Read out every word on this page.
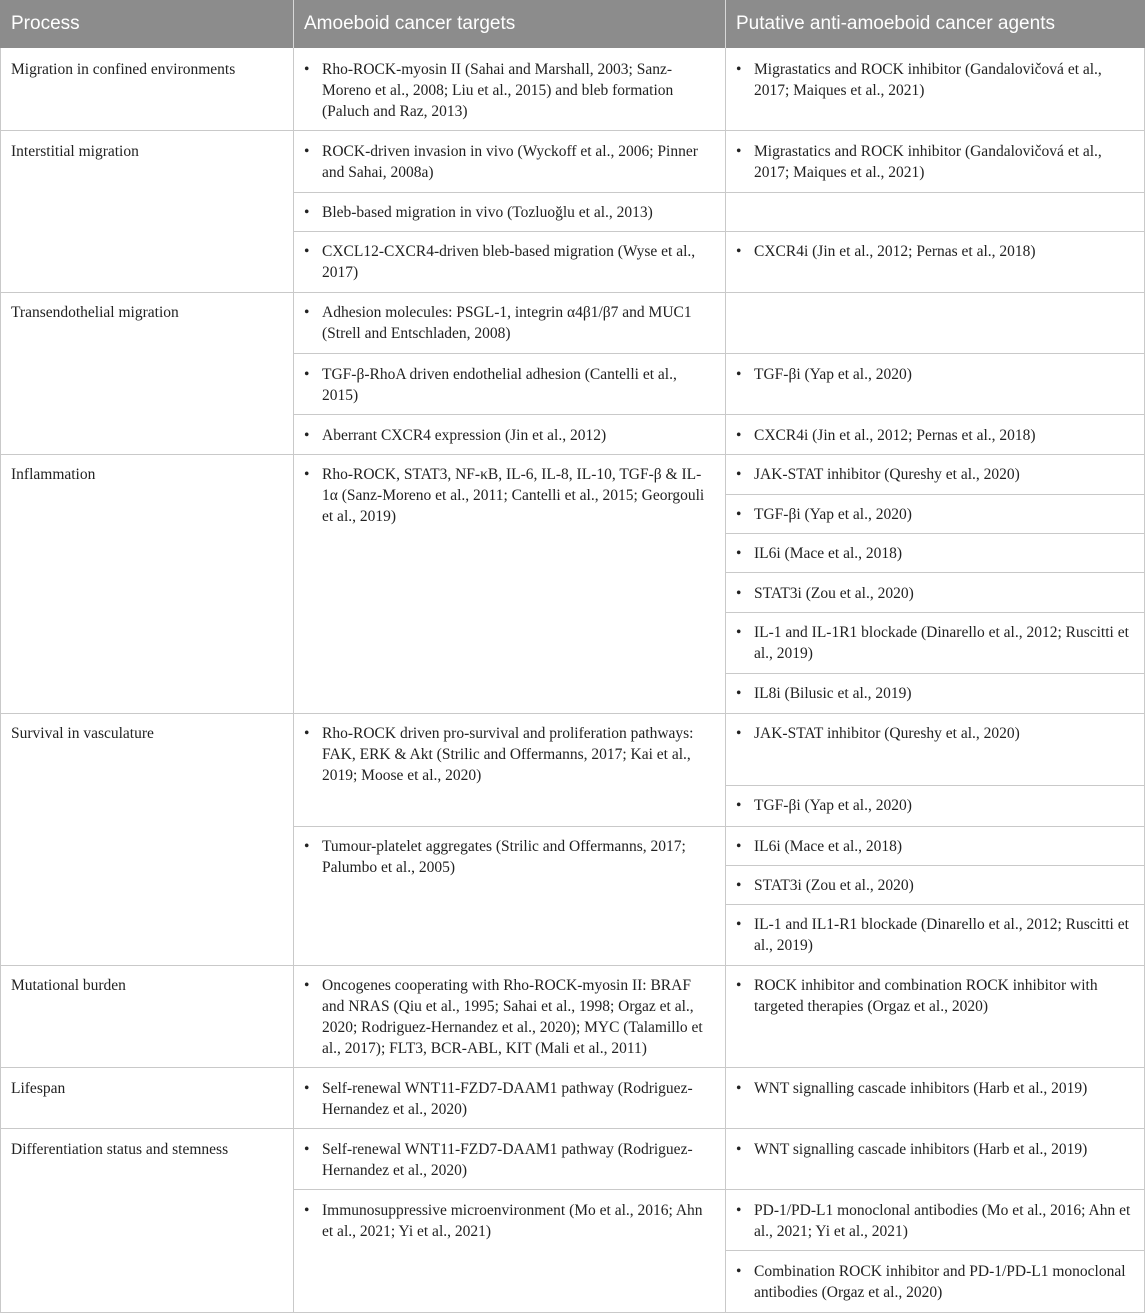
Process	Amoeboid cancer targets	Putative anti-amoeboid cancer agents
Migration in confined environments
Interstitial migration
Transendothelial migration
Inflammation
Survival in vasculature
Mutational burden
Lifespan
Differentiation status and stemness
• Rho-ROCK-myosin II (Sahai and Marshall, 2003; Sanz-Moreno et al., 2008; Liu et al., 2015) and bleb formation (Paluch and Raz, 2013)
• ROCK-driven invasion in vivo (Wyckoff et al., 2006; Pinner and Sahai, 2008a)
• Bleb-based migration in vivo (Tozluoğlu et al., 2013)
• CXCL12-CXCR4-driven bleb-based migration (Wyse et al., 2017)
• Adhesion molecules: PSGL-1, integrin α4β1/β7 and MUC1 (Strell and Entschladen, 2008)
• TGF-β-RhoA driven endothelial adhesion (Cantelli et al., 2015)
• Aberrant CXCR4 expression (Jin et al., 2012)
• Rho-ROCK, STAT3, NF-κB, IL-6, IL-8, IL-10, TGF-β & IL-1α (Sanz-Moreno et al., 2011; Cantelli et al., 2015; Georgouli et al., 2019)
• Rho-ROCK driven pro-survival and proliferation pathways: FAK, ERK & Akt (Strilic and Offermanns, 2017; Kai et al., 2019; Moose et al., 2020)
• Tumour-platelet aggregates (Strilic and Offermanns, 2017; Palumbo et al., 2005)
• Oncogenes cooperating with Rho-ROCK-myosin II: BRAF and NRAS (Qiu et al., 1995; Sahai et al., 1998; Orgaz et al., 2020; Rodriguez-Hernandez et al., 2020); MYC (Talamillo et al., 2017); FLT3, BCR-ABL, KIT (Mali et al., 2011)
• Self-renewal WNT11-FZD7-DAAM1 pathway (Rodriguez-Hernandez et al., 2020)
• Self-renewal WNT11-FZD7-DAAM1 pathway (Rodriguez-Hernandez et al., 2020)
• Immunosuppressive microenvironment (Mo et al., 2016; Ahn et al., 2021; Yi et al., 2021)
• Migrastatics and ROCK inhibitor (Gandalovičová et al., 2017; Maiques et al., 2021)
• Migrastatics and ROCK inhibitor (Gandalovičová et al., 2017; Maiques et al., 2021)
• CXCR4i (Jin et al., 2012; Pernas et al., 2018)
• TGF-βi (Yap et al., 2020)
• CXCR4i (Jin et al., 2012; Pernas et al., 2018)
• JAK-STAT inhibitor (Qureshy et al., 2020)
• TGF-βi (Yap et al., 2020)
• IL6i (Mace et al., 2018)
• STAT3i (Zou et al., 2020)
• IL-1 and IL-1R1 blockade (Dinarello et al., 2012; Ruscitti et al., 2019)
• IL8i (Bilusic et al., 2019)
• JAK-STAT inhibitor (Qureshy et al., 2020)
• TGF-βi (Yap et al., 2020)
• IL6i (Mace et al., 2018)
• STAT3i (Zou et al., 2020)
• IL-1 and IL1-R1 blockade (Dinarello et al., 2012; Ruscitti et al., 2019)
• ROCK inhibitor and combination ROCK inhibitor with targeted therapies (Orgaz et al., 2020)
• WNT signalling cascade inhibitors (Harb et al., 2019)
• WNT signalling cascade inhibitors (Harb et al., 2019)
• PD-1/PD-L1 monoclonal antibodies (Mo et al., 2016; Ahn et al., 2021; Yi et al., 2021)
• Combination ROCK inhibitor and PD-1/PD-L1 monoclonal antibodies (Orgaz et al., 2020)
